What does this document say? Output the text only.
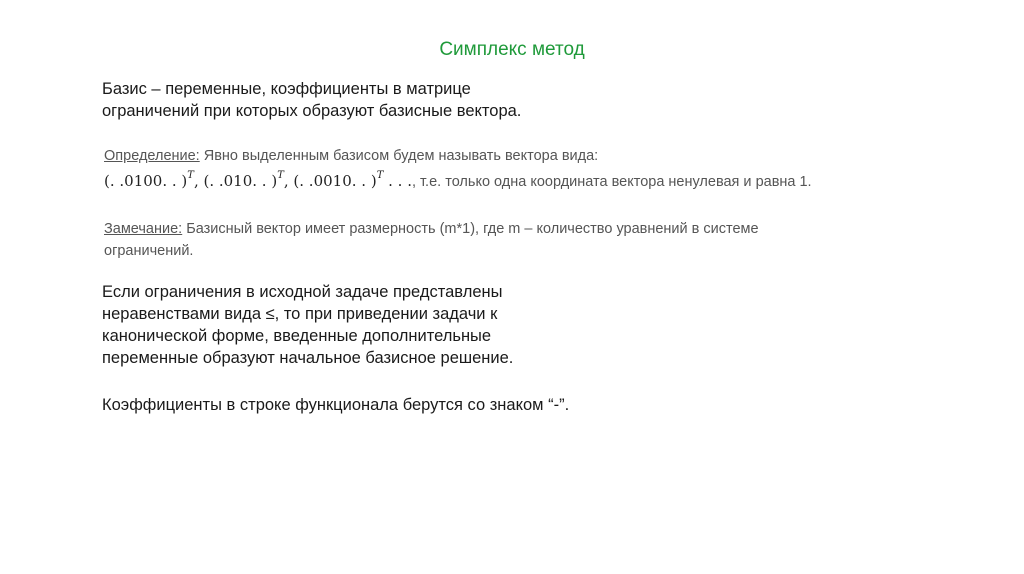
Симплекс метод
Базис – переменные, коэффициенты в матрице
ограничений при которых образуют базисные вектора.
Определение: Явно выделенным базисом будем называть вектора вида:
(. .0100. . )$^T$, (. .010. . )$^T$, (. .0010. . )$^T$ . . ., т.е. только одна координата вектора ненулевая и равна 1.
Замечание: Базисный вектор имеет размерность (m*1), где m – количество уравнений в системе
ограничений.
Если ограничения в исходной задаче представлены
неравенствами вида ≤, то при приведении задачи к
канонической форме, введенные дополнительные
переменные образуют начальное базисное решение.
Коэффициенты в строке функционала берутся со знаком “-”.
